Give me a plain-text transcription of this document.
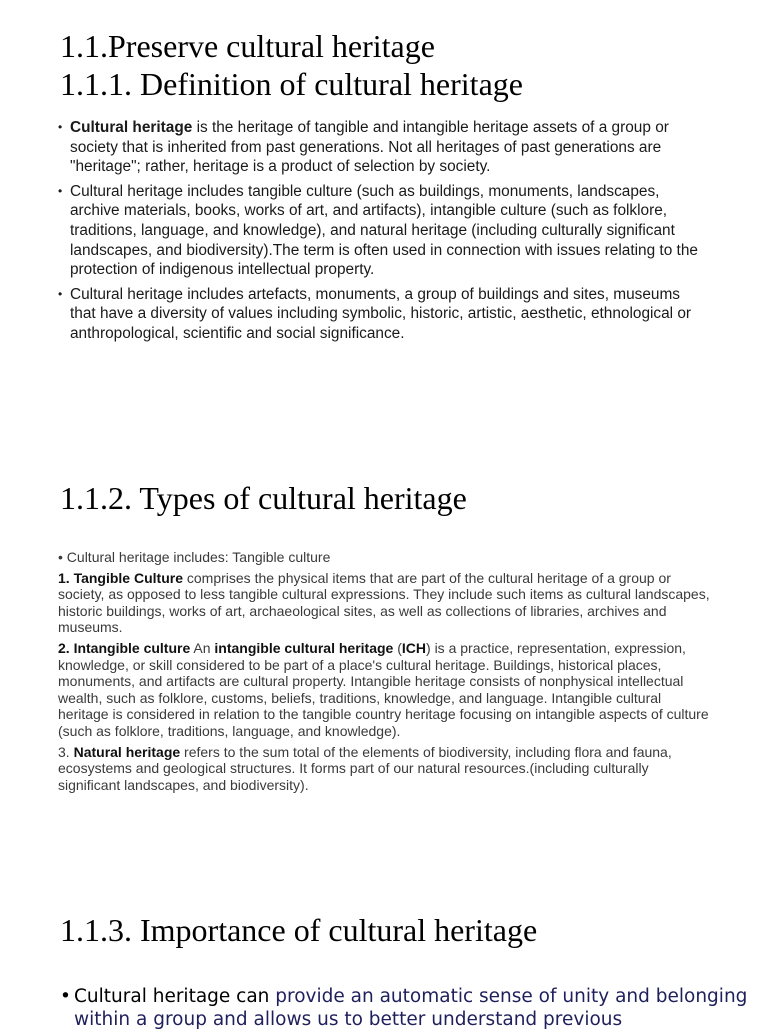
1.1.Preserve cultural heritage
1.1.1. Definition of cultural heritage
• Cultural heritage is the heritage of tangible and intangible heritage assets of a group or society that is inherited from past generations. Not all heritages of past generations are "heritage"; rather, heritage is a product of selection by society.
• Cultural heritage includes tangible culture (such as buildings, monuments, landscapes, archive materials, books, works of art, and artifacts), intangible culture (such as folklore, traditions, language, and knowledge), and natural heritage (including culturally significant landscapes, and biodiversity).The term is often used in connection with issues relating to the protection of indigenous intellectual property.
• Cultural heritage includes artefacts, monuments, a group of buildings and sites, museums that have a diversity of values including symbolic, historic, artistic, aesthetic, ethnological or anthropological, scientific and social significance.
1.1.2. Types of cultural heritage

• Cultural heritage includes: Tangible culture

1. Tangible Culture comprises the physical items that are part of the cultural heritage of a group or society, as opposed to less tangible cultural expressions. They include such items as cultural landscapes, historic buildings, works of art, archaeological sites, as well as collections of libraries, archives and museums.

2. Intangible culture An intangible cultural heritage (ICH) is a practice, representation, expression, knowledge, or skill considered to be part of a place's cultural heritage. Buildings, historical places, monuments, and artifacts are cultural property. Intangible heritage consists of nonphysical intellectual wealth, such as folklore, customs, beliefs, traditions, knowledge, and language. Intangible cultural heritage is considered in relation to the tangible country heritage focusing on intangible aspects of culture (such as folklore, traditions, language, and knowledge).

3. Natural heritage refers to the sum total of the elements of biodiversity, including flora and fauna, ecosystems and geological structures. It forms part of our natural resources.(including culturally significant landscapes, and biodiversity).

1.1.3. Importance of cultural heritage
• Cultural heritage can provide an automatic sense of unity and belonging within a group and allows us to better understand previous
